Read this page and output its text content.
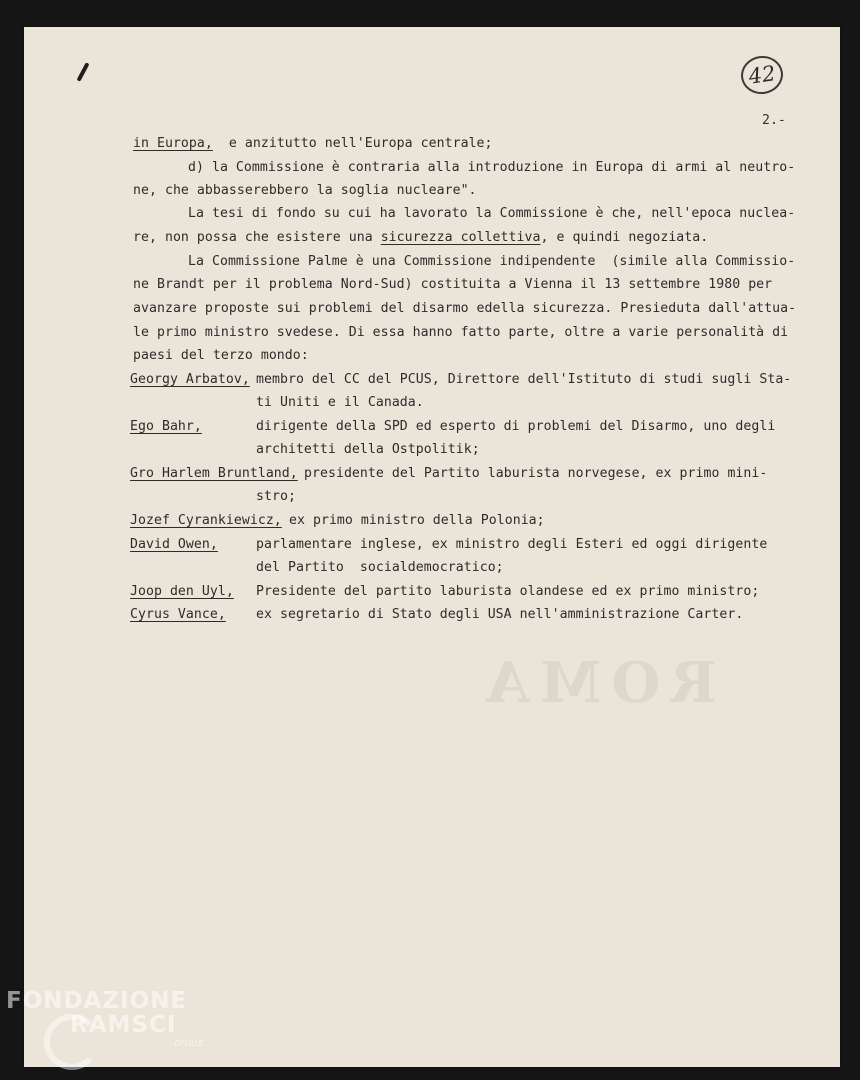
42
2.-
ROMA
in Europa,  e anzitutto nell'Europa centrale;
d) la Commissione è contraria alla introduzione in Europa di armi al neutro-
ne, che abbasserebbero la soglia nucleare".
La tesi di fondo su cui ha lavorato la Commissione è che, nell'epoca nuclea-
re, non possa che esistere una sicurezza collettiva, e quindi negoziata.
La Commissione Palme è una Commissione indipendente  (simile alla Commissio-
ne Brandt per il problema Nord-Sud) costituita a Vienna il 13 settembre 1980 per
avanzare proposte sui problemi del disarmo edella sicurezza. Presieduta dall'attua-
le primo ministro svedese. Di essa hanno fatto parte, oltre a varie personalità di
paesi del terzo mondo:
Georgy Arbatov, membro del CC del PCUS, Direttore dell'Istituto di studi sugli Sta-
ti Uniti e il Canada.
Ego Bahr,	dirigente della SPD ed esperto di problemi del Disarmo, uno degli
architetti della Ostpolitik;
Gro Harlem Bruntland, presidente del Partito laburista norvegese, ex primo mini-
stro;
Jozef Cyrankiewicz, ex primo ministro della Polonia;
David Owen,	parlamentare inglese, ex ministro degli Esteri ed oggi dirigente
del Partito  socialdemocratico;
Joop den Uyl, Presidente del partito laburista olandese ed ex primo ministro;
Cyrus Vance, ex segretario di Stato degli USA nell'amministrazione Carter.
FONDAZIONE
RAMSCI
onlus
